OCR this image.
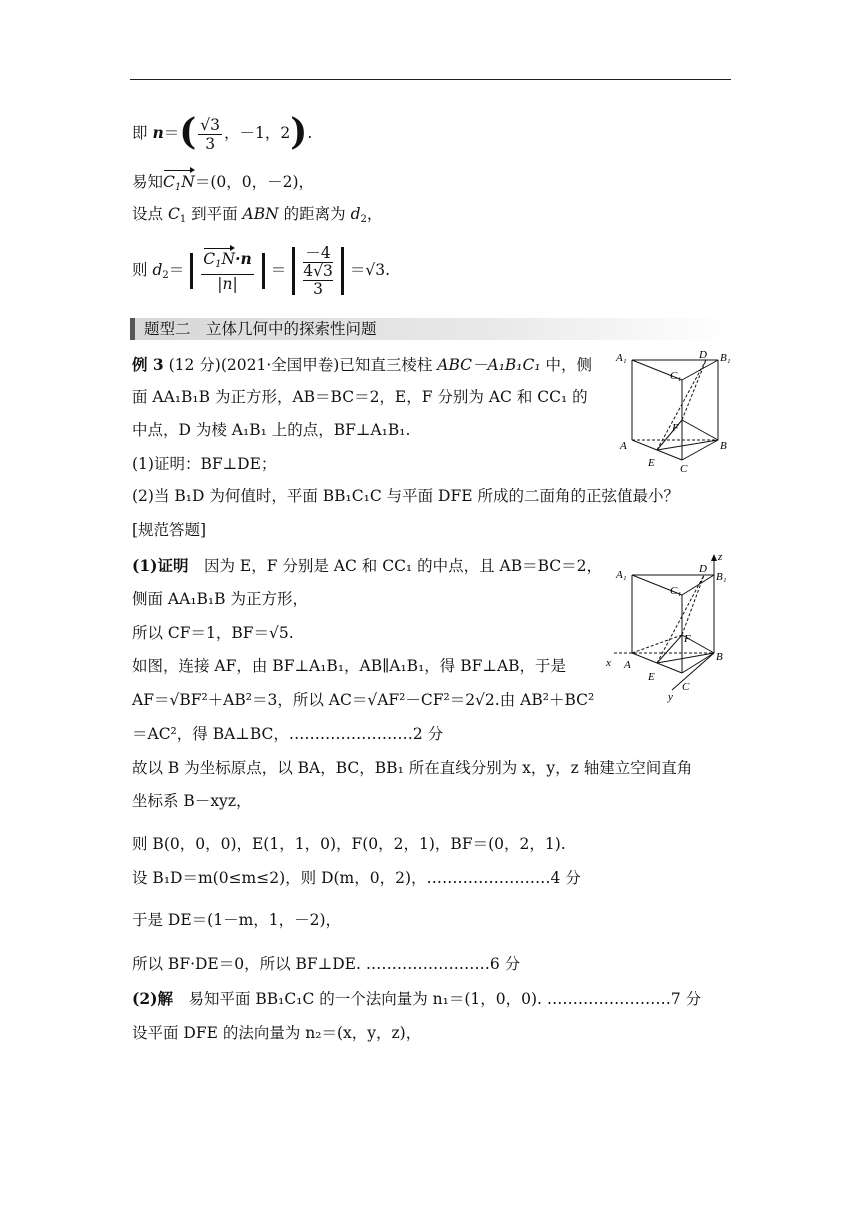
即 $n=( \frac{√3}{3}$ ，－1，2).
易知$C_1N=(0$，0，－2)，
设点 $C_1$ 到平面 ABN 的距离为 $d_2$，
则 $d_2= \frac{C_1N\cdot n}{|n|} = -4$
4√3
3 ＝√3.
题型二　立体几何中的探索性问题
例 3 (12 分)(2021·全国甲卷)已知直三棱柱 ABC－A₁B₁C₁ 中，侧
面 AA₁B₁B 为正方形，AB＝BC＝2，E，F 分别为 AC 和 CC₁ 的
中点，D 为棱 A₁B₁ 上的点，BF⊥A₁B₁.
(1)证明：BF⊥DE；
(2)当 B₁D 为何值时，平面 BB₁C₁C 与平面 DFE 所成的二面角的正弦值最小？
[规范答题]
(1)证明　因为 E，F 分别是 AC 和 CC₁ 的中点，且 AB＝BC＝2，
侧面 AA₁B₁B 为正方形，
所以 CF＝1，BF＝√5.
如图，连接 AF，由 BF⊥A₁B₁，AB∥A₁B₁，得 BF⊥AB，于是
AF＝√BF²＋AB²＝3，所以 AC＝√AF²－CF²＝2√2.由 AB²＋BC²
＝AC²，得 BA⊥BC，……………………2 分
故以 B 为坐标原点，以 BA，BC，BB₁ 所在直线分别为 x，y，z 轴建立空间直角
坐标系 B－xyz，
则 B(0，0，0)，E(1，1，0)，F(0，2，1)，BF＝(0，2，1).
设 B₁D＝m(0≤m≤2)，则 D(m，0，2)，……………………4 分
于是 DE＝(1－m，1，－2)，
所以 BF·DE＝0，所以 BF⊥DE. ……………………6 分
(2)解　易知平面 BB₁C₁C 的一个法向量为 n₁＝(1，0，0). ……………………7 分
设平面 DFE 的法向量为 n₂＝(x，y，z)，
A₁	D B₁
C₁
F
A	B
E C
z
A₁	D
B₁
C₁
F
x A
B
E
C
y
